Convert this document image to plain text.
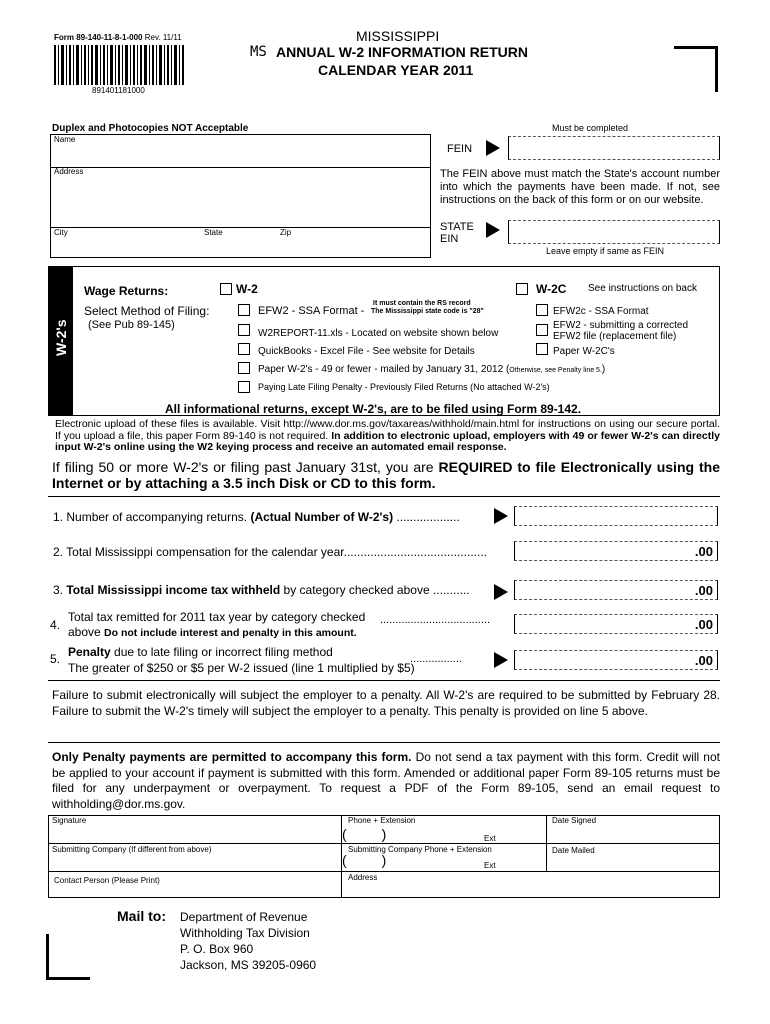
Form 89-140-11-8-1-000 Rev. 11/11
891401181000
MISSISSIPPI
MS ANNUAL W-2 INFORMATION RETURN
CALENDAR YEAR 2011
Duplex and Photocopies NOT Acceptable	Must be completed
Name
Address
City	State	Zip
FEIN
The FEIN above must match the State's account number into which the payments have been made. If not, see instructions on the back of this form or on our website.
STATE
EIN
Leave empty if same as FEIN
W-2's
Wage Returns:	W-2	W-2C See instructions on back
Select Method of Filing:
(See Pub 89-145)
EFW2 - SSA Format -
It must contain the RS record
The Mississippi state code is "28"
W2REPORT-11.xls - Located on website shown below
QuickBooks - Excel File - See website for Details
Paper W-2's - 49 or fewer - mailed by January 31, 2012 (Otherwise, see Penalty line 5.)
Paying Late Filing Penalty - Previously Filed Returns (No attached W-2's)
EFW2c - SSA Format
EFW2 - submitting a corrected
EFW2 file (replacement file)
Paper W-2C's
All informational returns, except W-2's, are to be filed using Form 89-142.
Electronic upload of these files is available. Visit http://www.dor.ms.gov/taxareas/withhold/main.html for instructions on using our secure portal. If you upload a file, this paper Form 89-140 is not required. In addition to electronic upload, employers with 49 or fewer W-2's can directly input W-2's online using the W2 keying process and receive an automated email response.
If filing 50 or more W-2's or filing past January 31st, you are REQUIRED to file Electronically using the Internet or by attaching a 3.5 inch Disk or CD to this form.
1. Number of accompanying returns. (Actual Number of W-2's) ...................
2. Total Mississippi compensation for the calendar year...........................................	.00
3. Total Mississippi income tax withheld by category checked above ...........	.00
4.
Total tax remitted for 2011 tax year by category checked
above Do not include interest and penalty in this amount.
....................................	.00
5. Penalty due to late filing or incorrect filing method
The greater of $250 or $5 per W-2 issued (line 1 multiplied by $5)
.................	.00
Failure to submit electronically will subject the employer to a penalty. All W-2's are required to be submitted by February 28. Failure to submit the W-2's timely will subject the employer to a penalty. This penalty is provided on line 5 above.
Only Penalty payments are permitted to accompany this form. Do not send a tax payment with this form. Credit will not be applied to your account if payment is submitted with this form. Amended or additional paper Form 89-105 returns must be filed for any underpayment or overpayment. To request a PDF of the Form 89-105, send an email request to withholding@dor.ms.gov.
Signature	Phone + Extension
(         )	Ext
Date Signed
Submitting Company (If different from above)	Submitting Company Phone + Extension
(         )	Ext
Date Mailed
Contact Person (Please Print)	Address
Mail to: Department of Revenue
Withholding Tax Division
P. O. Box 960
Jackson, MS 39205-0960
